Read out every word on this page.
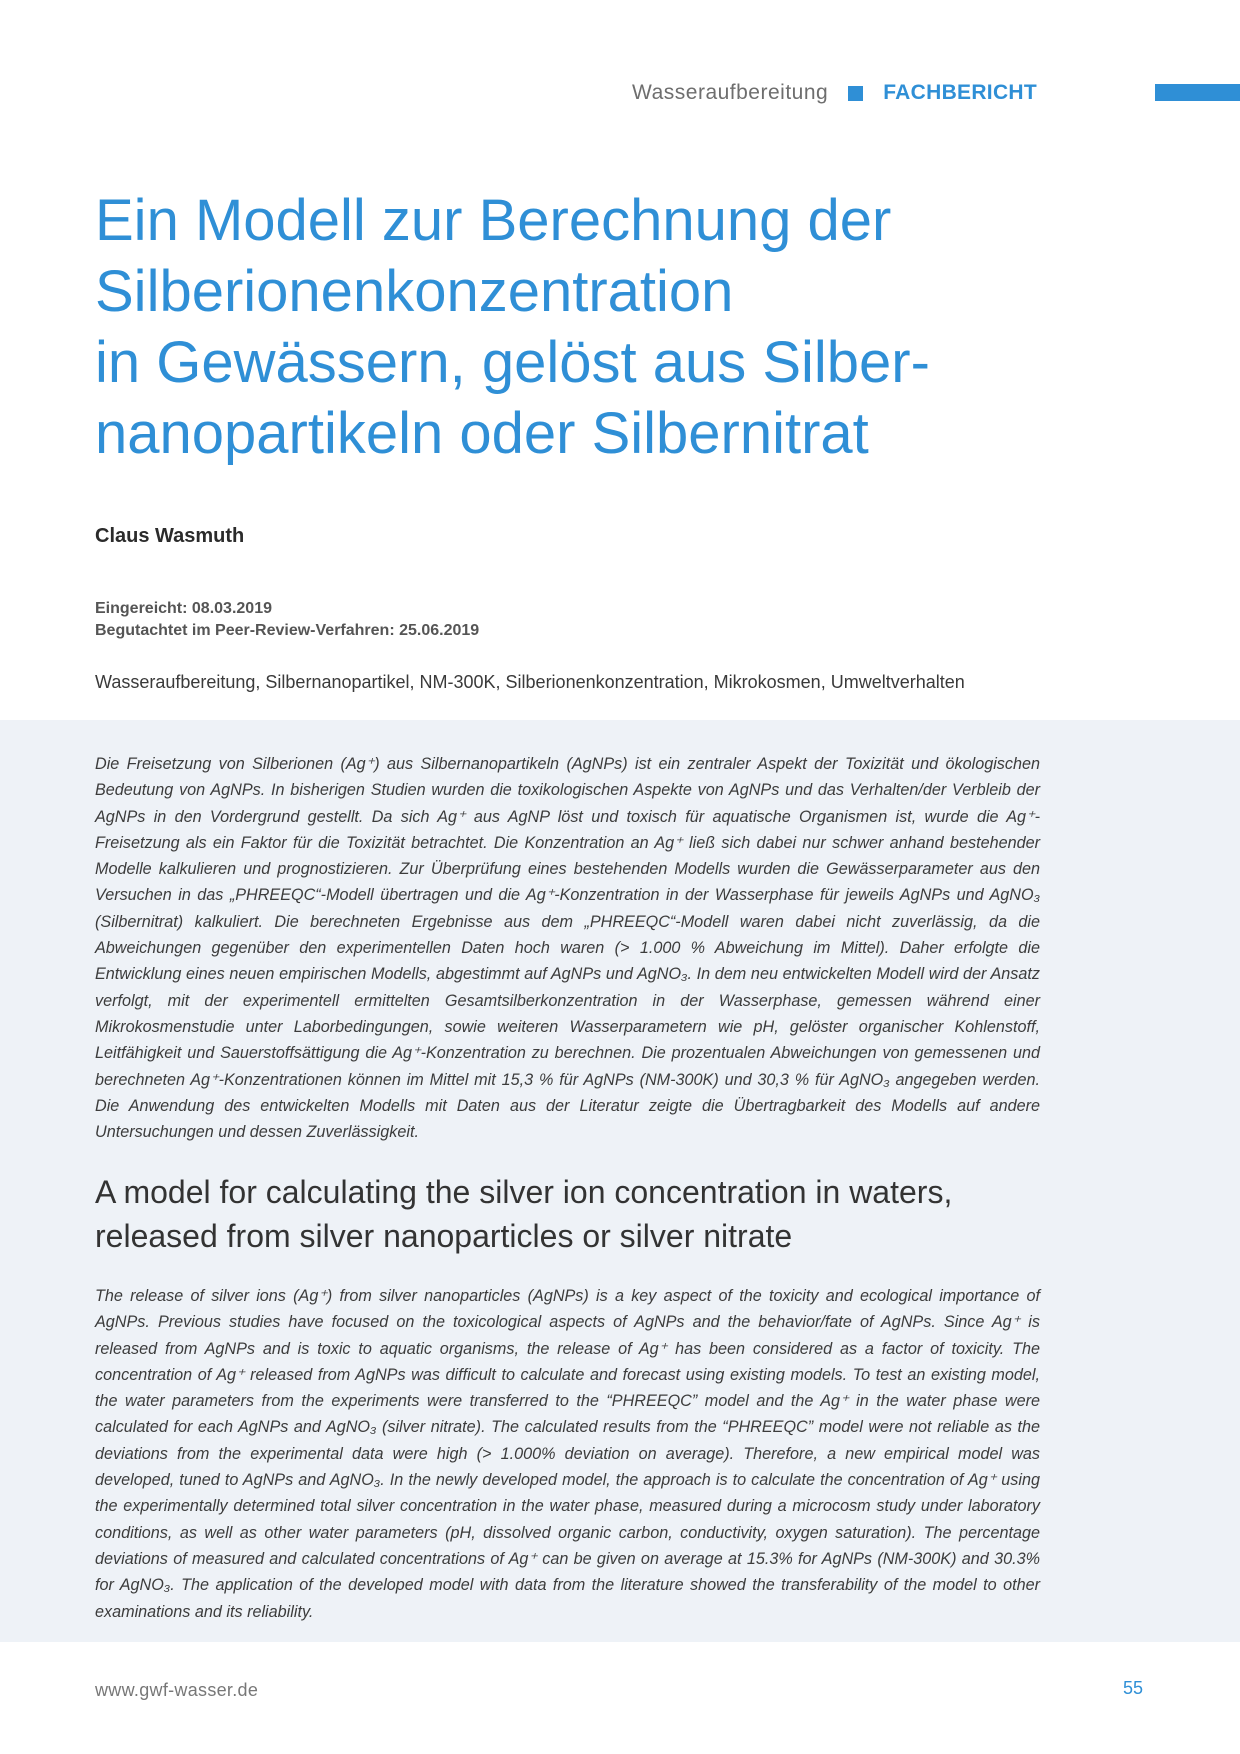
Wasseraufbereitung	FACHBERICHT
Ein Modell zur Berechnung der
Silberionenkonzentration
in Gewässern, gelöst aus Silber-
nanopartikeln oder Silbernitrat
Claus Wasmuth
Eingereicht: 08.03.2019
Begutachtet im Peer-Review-Verfahren: 25.06.2019
Wasseraufbereitung, Silbernanopartikel, NM-300K, Silberionenkonzentration, Mikrokosmen, Umweltverhalten

Die Freisetzung von Silberionen (Ag⁺) aus Silbernanopartikeln (AgNPs) ist ein zentraler Aspekt der Toxizität und ökologischen Bedeutung von AgNPs. In bisherigen Studien wurden die toxikologischen Aspekte von AgNPs und das Verhalten/der Verbleib der AgNPs in den Vordergrund gestellt. Da sich Ag⁺ aus AgNP löst und toxisch für aquatische Organismen ist, wurde die Ag⁺-Freisetzung als ein Faktor für die Toxizität betrachtet. Die Konzentration an Ag⁺ ließ sich dabei nur schwer anhand bestehender Modelle kalkulieren und prognostizieren. Zur Überprüfung eines bestehenden Modells wurden die Gewässerparameter aus den Versuchen in das „PHREEQC“-Modell übertragen und die Ag⁺-Konzentration in der Wasserphase für jeweils AgNPs und AgNO₃ (Silbernitrat) kalkuliert. Die berechneten Ergebnisse aus dem „PHREEQC“-Modell waren dabei nicht zuverlässig, da die Abweichungen gegenüber den experimentellen Daten hoch waren (> 1.000 % Abweichung im Mittel). Daher erfolgte die Entwicklung eines neuen empirischen Modells, abgestimmt auf AgNPs und AgNO₃. In dem neu entwickelten Modell wird der Ansatz verfolgt, mit der experimentell ermittelten Gesamtsilberkonzentration in der Wasserphase, gemessen während einer Mikrokosmenstudie unter Laborbedingungen, sowie weiteren Wasserparametern wie pH, gelöster organischer Kohlenstoff, Leitfähigkeit und Sauerstoffsättigung die Ag⁺-Konzentration zu berechnen. Die prozentualen Abweichungen von gemessenen und berechneten Ag⁺-Konzentrationen können im Mittel mit 15,3 % für AgNPs (NM-300K) und 30,3 % für AgNO₃ angegeben werden. Die Anwendung des entwickelten Modells mit Daten aus der Literatur zeigte die Übertragbarkeit des Modells auf andere Untersuchungen und dessen Zuverlässigkeit.

A model for calculating the silver ion concentration in waters, released from silver nanoparticles or silver nitrate

The release of silver ions (Ag⁺) from silver nanoparticles (AgNPs) is a key aspect of the toxicity and ecological importance of AgNPs. Previous studies have focused on the toxicological aspects of AgNPs and the behavior/fate of AgNPs. Since Ag⁺ is released from AgNPs and is toxic to aquatic organisms, the release of Ag⁺ has been considered as a factor of toxicity. The concentration of Ag⁺ released from AgNPs was difficult to calculate and forecast using existing models. To test an existing model, the water parameters from the experiments were transferred to the “PHREEQC” model and the Ag⁺ in the water phase were calculated for each AgNPs and AgNO₃ (silver nitrate). The calculated results from the “PHREEQC” model were not reliable as the deviations from the experimental data were high (> 1.000% deviation on average). Therefore, a new empirical model was developed, tuned to AgNPs and AgNO₃. In the newly developed model, the approach is to calculate the concentration of Ag⁺ using the experimentally determined total silver concentration in the water phase, measured during a microcosm study under laboratory conditions, as well as other water parameters (pH, dissolved organic carbon, conductivity, oxygen saturation). The percentage deviations of measured and calculated concentrations of Ag⁺ can be given on average at 15.3% for AgNPs (NM-300K) and 30.3% for AgNO₃. The application of the developed model with data from the literature showed the transferability of the model to other examinations and its reliability.

www.gwf-wasser.de	55
